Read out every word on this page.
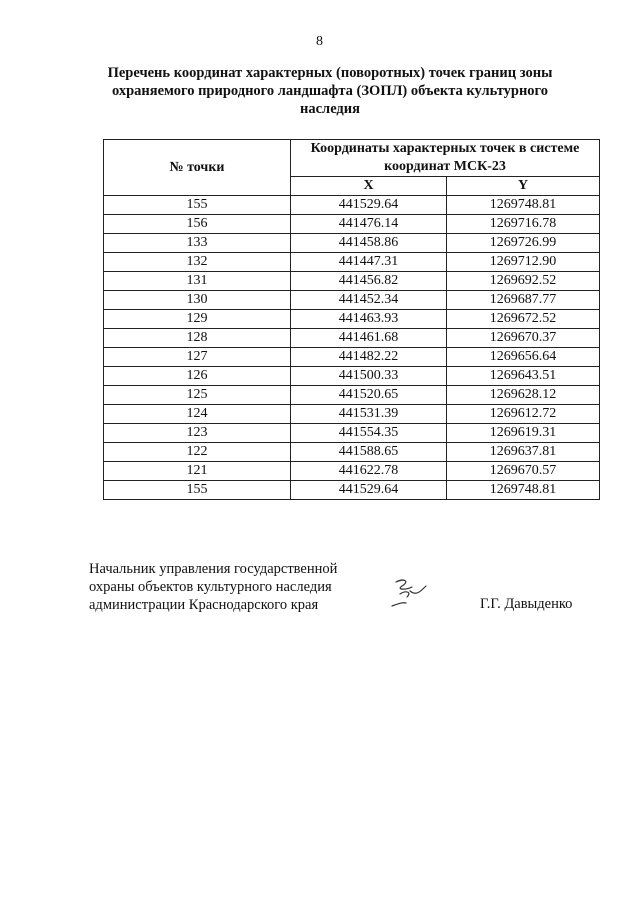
8
Перечень координат характерных (поворотных) точек границ зоны охраняемого природного ландшафта (ЗОПЛ) объекта культурного наследия
№ точки	Координаты характерных точек в системе координат МСК-23	
	X	Y
155	441529.64	1269748.81
156	441476.14	1269716.78
133	441458.86	1269726.99
132	441447.31	1269712.90
131	441456.82	1269692.52
130	441452.34	1269687.77
129	441463.93	1269672.52
128	441461.68	1269670.37
127	441482.22	1269656.64
126	441500.33	1269643.51
125	441520.65	1269628.12
124	441531.39	1269612.72
123	441554.35	1269619.31
122	441588.65	1269637.81
121	441622.78	1269670.57
155	441529.64	1269748.81
Начальник управления государственной
охраны объектов культурного наследия
администрации Краснодарского края	Г.Г. Давыденко
